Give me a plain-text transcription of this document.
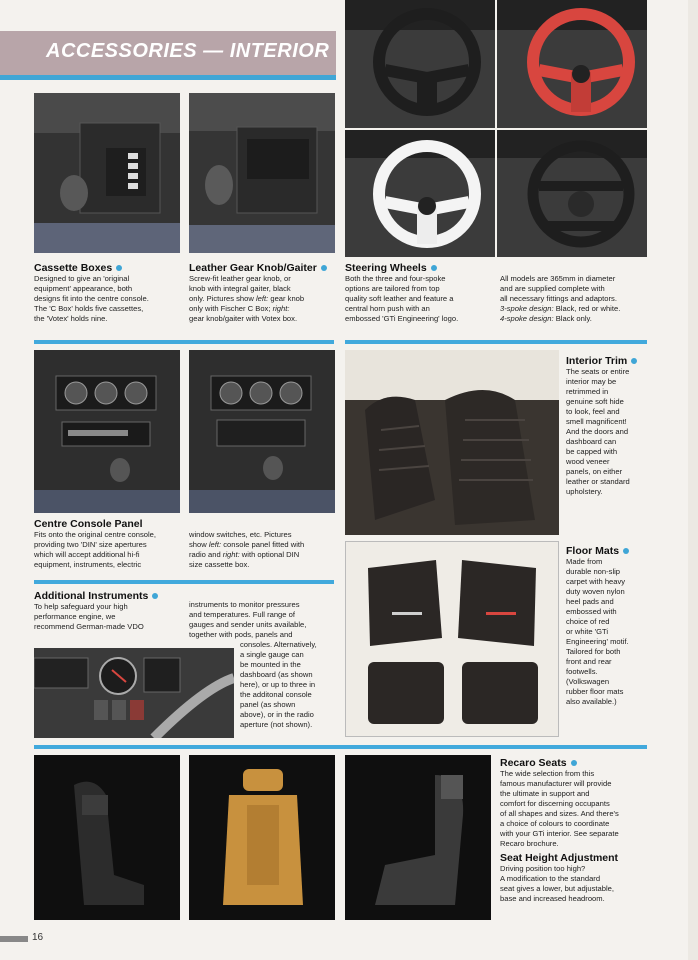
ACCESSORIES — INTERIOR
Cassette Boxes
Designed to give an 'original
equipment' appearance, both
designs fit into the centre console.
The 'C Box' holds five cassettes,
the 'Votex' holds nine.
Leather Gear Knob/Gaiter
Screw-fit leather gear knob, or
knob with integral gaiter, black
only. Pictures show left: gear knob
only with Fischer C Box; right:
gear knob/gaiter with Votex box.
Steering Wheels
Both the three and four-spoke
options are tailored from top
quality soft leather and feature a
central horn push with an
embossed 'GTi Engineering' logo.
All models are 365mm in diameter
and are supplied complete with
all necessary fittings and adaptors.
3-spoke design: Black, red or white.
4-spoke design: Black only.
Interior Trim
The seats or entire
interior may be
retrimmed in
genuine soft hide
to look, feel and
smell magnificent!
And the doors and
dashboard can
be capped with
wood veneer
panels, on either
leather or standard
upholstery.
Centre Console Panel
Fits onto the original centre console,
providing two 'DIN' size apertures
which will accept additional hi-fi
equipment, instruments, electric
window switches, etc. Pictures
show left: console panel fitted with
radio and right: with optional DIN
size cassette box.
Floor Mats
Made from
durable non-slip
carpet with heavy
duty woven nylon
heel pads and
embossed with
choice of red
or white 'GTi
Engineering' motif.
Tailored for both
front and rear
footwells.
(Volkswagen
rubber floor mats
also available.)
Additional Instruments
To help safeguard your high
performance engine, we
recommend German-made VDO
instruments to monitor pressures
and temperatures. Full range of
gauges and sender units available,
together with pods, panels and
consoles. Alternatively,
a single gauge can
be mounted in the
dashboard (as shown
here), or up to three in
the additonal console
panel (as shown
above), or in the radio
aperture (not shown).
Recaro Seats
The wide selection from this
famous manufacturer will provide
the ultimate in support and
comfort for discerning occupants
of all shapes and sizes. And there's
a choice of colours to coordinate
with your GTi interior. See separate
Recaro brochure.
Seat Height Adjustment
Driving position too high?
A modification to the standard
seat gives a lower, but adjustable,
base and increased headroom.
16
